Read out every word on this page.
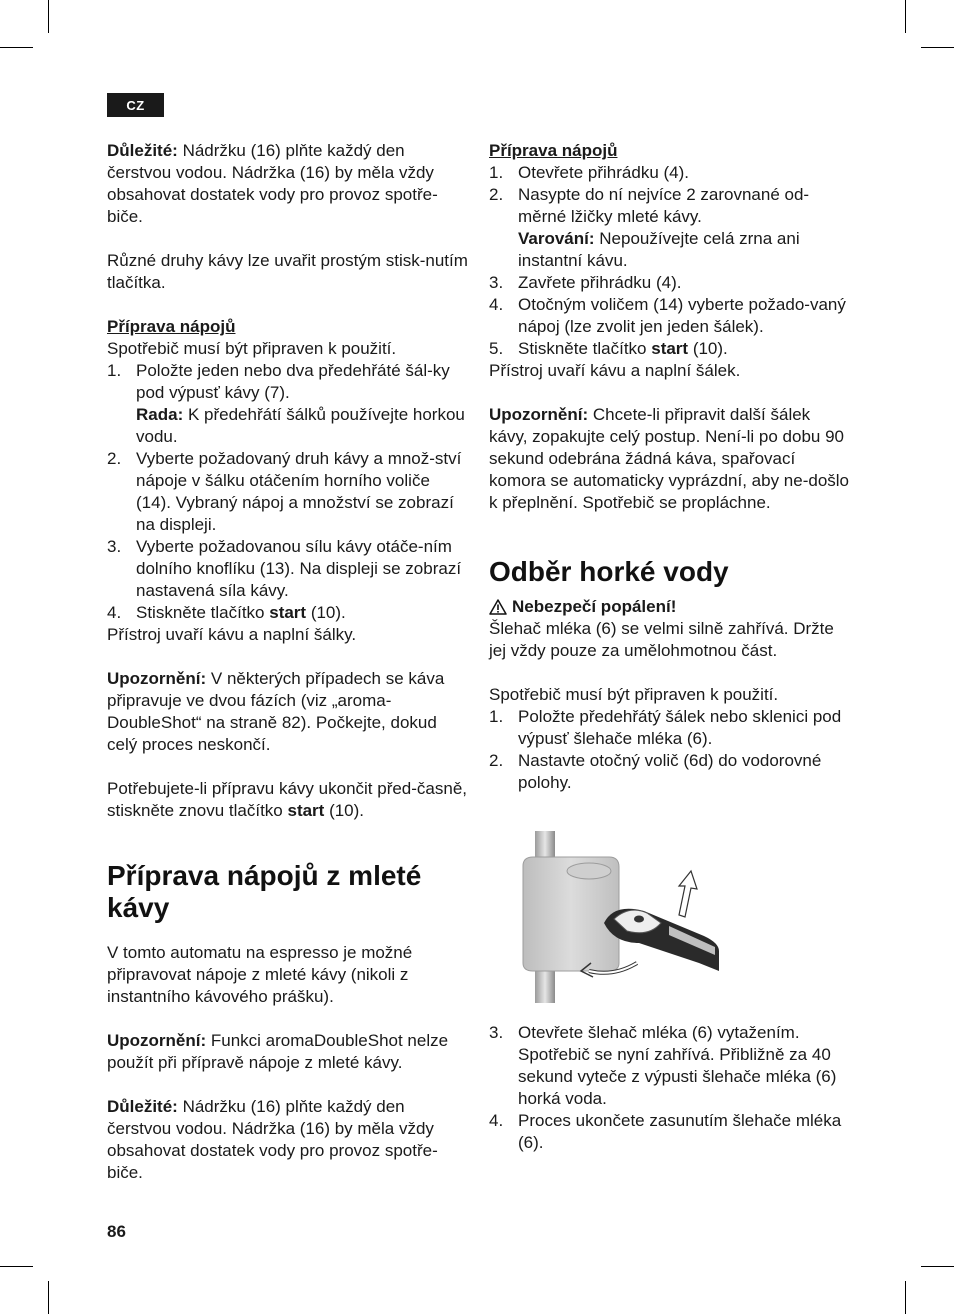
CZ

Důležité: Nádržku (16) plňte každý den čerstvou vodou. Nádržka (16) by měla vždy obsahovat dostatek vody pro provoz spotře-biče.

Různé druhy kávy lze uvařit prostým stisk-nutím tlačítka.

Příprava nápojů

Spotřebič musí být připraven k použití.

1. Položte jeden nebo dva předehřáté šál-ky pod výpusť kávy (7).
Rada: K předehřátí šálků používejte horkou vodu.
2. Vyberte požadovaný druh kávy a množ-ství nápoje v šálku otáčením horního voliče (14). Vybraný nápoj a množství se zobrazí na displeji.
3. Vyberte požadovanou sílu kávy otáče-ním dolního knoflíku (13). Na displeji se zobrazí nastavená síla kávy.
4. Stiskněte tlačítko start (10).

Přístroj uvaří kávu a naplní šálky.

Upozornění: V některých případech se káva připravuje ve dvou fázích (viz „aroma-DoubleShot“ na straně 82). Počkejte, dokud celý proces neskončí.

Potřebujete-li přípravu kávy ukončit před-časně, stiskněte znovu tlačítko start (10).

Příprava nápojů z mleté
kávy

V tomto automatu na espresso je možné připravovat nápoje z mleté kávy (nikoli z instantního kávového prášku).

Upozornění: Funkci aromaDoubleShot nelze použít při přípravě nápoje z mleté kávy.

Důležité: Nádržku (16) plňte každý den čerstvou vodou. Nádržka (16) by měla vždy obsahovat dostatek vody pro provoz spotře-biče.

Příprava nápojů

1. Otevřete přihrádku (4).
2. Nasypte do ní nejvíce 2 zarovnané od-měrné lžičky mleté kávy.
Varování: Nepoužívejte celá zrna ani instantní kávu.
3. Zavřete přihrádku (4).
4. Otočným voličem (14) vyberte požado-vaný nápoj (lze zvolit jen jeden šálek).
5. Stiskněte tlačítko start (10).

Přístroj uvaří kávu a naplní šálek.

Upozornění: Chcete-li připravit další šálek kávy, zopakujte celý postup. Není-li po dobu 90 sekund odebrána žádná káva, spařovací komora se automaticky vyprázdní, aby ne-došlo k přeplnění. Spotřebič se propláchne.

Odběr horké vody
Nebezpečí popálení!

Šlehač mléka (6) se velmi silně zahřívá. Držte jej vždy pouze za umělohmotnou část.

Spotřebič musí být připraven k použití.

1. Položte předehřátý šálek nebo sklenici pod výpusť šlehače mléka (6).
2. Nastavte otočný volič (6d) do vodorovné polohy.
3. Otevřete šlehač mléka (6) vytažením. Spotřebič se nyní zahřívá. Přibližně za 40 sekund vyteče z výpusti šlehače mléka (6) horká voda.
4. Proces ukončete zasunutím šlehače mléka (6).
86
